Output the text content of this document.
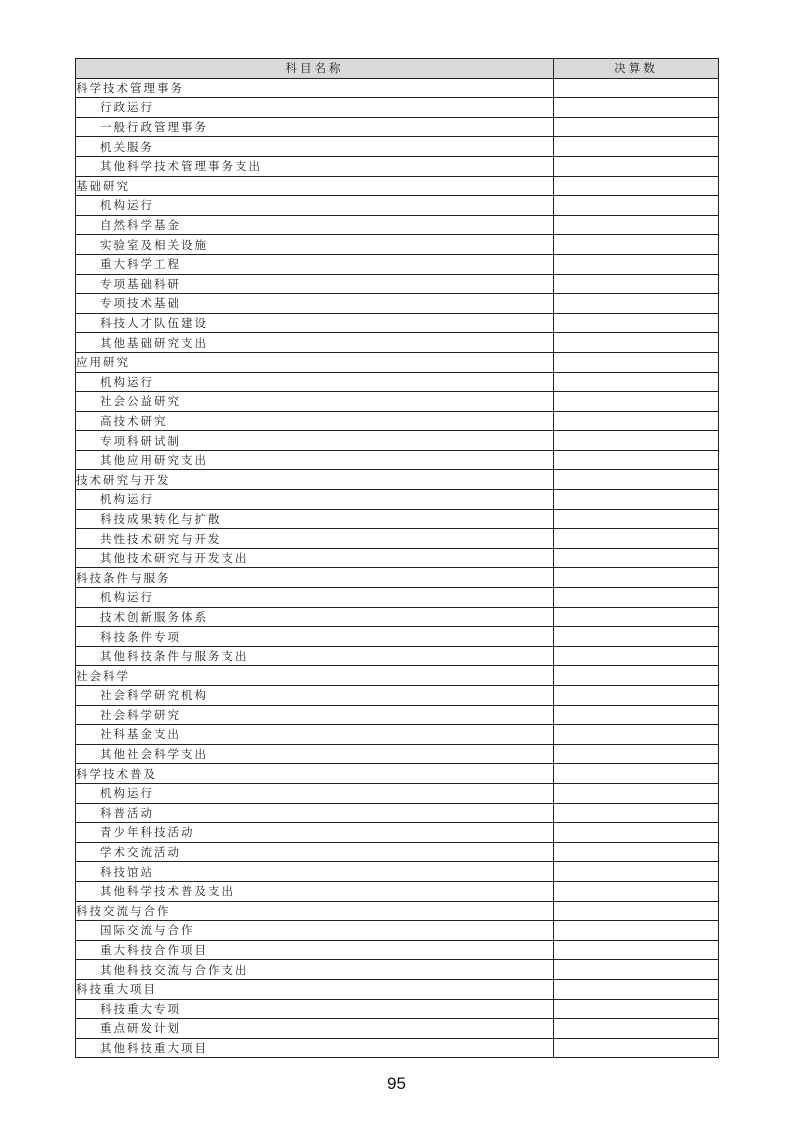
科目名称	决算数
科学技术管理事务	
行政运行	
一般行政管理事务	
机关服务	
其他科学技术管理事务支出	
基础研究	
机构运行	
自然科学基金	
实验室及相关设施	
重大科学工程	
专项基础科研	
专项技术基础	
科技人才队伍建设	
其他基础研究支出	
应用研究	
机构运行	
社会公益研究	
高技术研究	
专项科研试制	
其他应用研究支出	
技术研究与开发	
机构运行	
科技成果转化与扩散	
共性技术研究与开发	
其他技术研究与开发支出	
科技条件与服务	
机构运行	
技术创新服务体系	
科技条件专项	
其他科技条件与服务支出	
社会科学	
社会科学研究机构	
社会科学研究	
社科基金支出	
其他社会科学支出	
科学技术普及	
机构运行	
科普活动	
青少年科技活动	
学术交流活动	
科技馆站	
其他科学技术普及支出	
科技交流与合作	
国际交流与合作	
重大科技合作项目	
其他科技交流与合作支出	
科技重大项目	
科技重大专项	
重点研发计划	
其他科技重大项目	
95
